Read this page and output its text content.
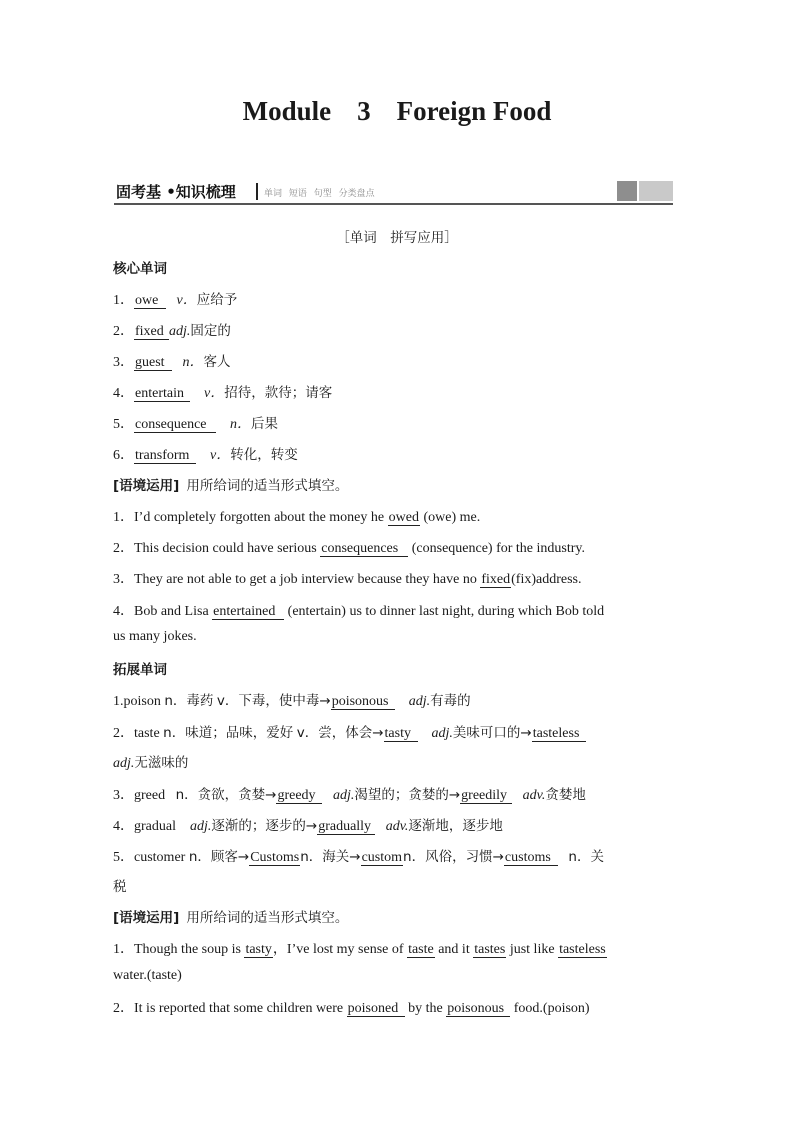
Module 3 Foreign Food
固考基 •知识梳理	单词 短语 句型 分类盘点
［单词　拼写应用］
核心单词
1．owe v．应给予
2．fixed adj.固定的
3．guest n．客人
4．entertain v．招待，款待；请客
5．consequence n．后果
6．transform v．转化，转变
[语境运用] 用所给词的适当形式填空。
1．I’d completely forgotten about the money he owed (owe) me.
2．This decision could have serious consequences (consequence) for the industry.
3．They are not able to get a job interview because they have no fixed(fix)address.
4．Bob and Lisa entertained (entertain) us to dinner last night, during which Bob told
us many jokes.
拓展单词
1.poison n．毒药 v．下毒，使中毒→poisonous adj.有毒的
2．taste n．味道；品味，爱好 v．尝，体会→tasty adj.美味可口的→tasteless
adj.无滋味的
3．greed n．贪欲，贪婪→greedy adj.渴望的；贪婪的→greedily adv.贪婪地
4．gradual adj.逐渐的；逐步的→gradually adv.逐渐地，逐步地
5．customer n．顾客→Customsn．海关→customn．风俗，习惯→customs n．关
税
[语境运用] 用所给词的适当形式填空。
1．Though the soup is tasty，I’ve lost my sense of taste and it tastes just like tasteless
water.(taste)
2．It is reported that some children were poisoned by the poisonous food.(poison)
